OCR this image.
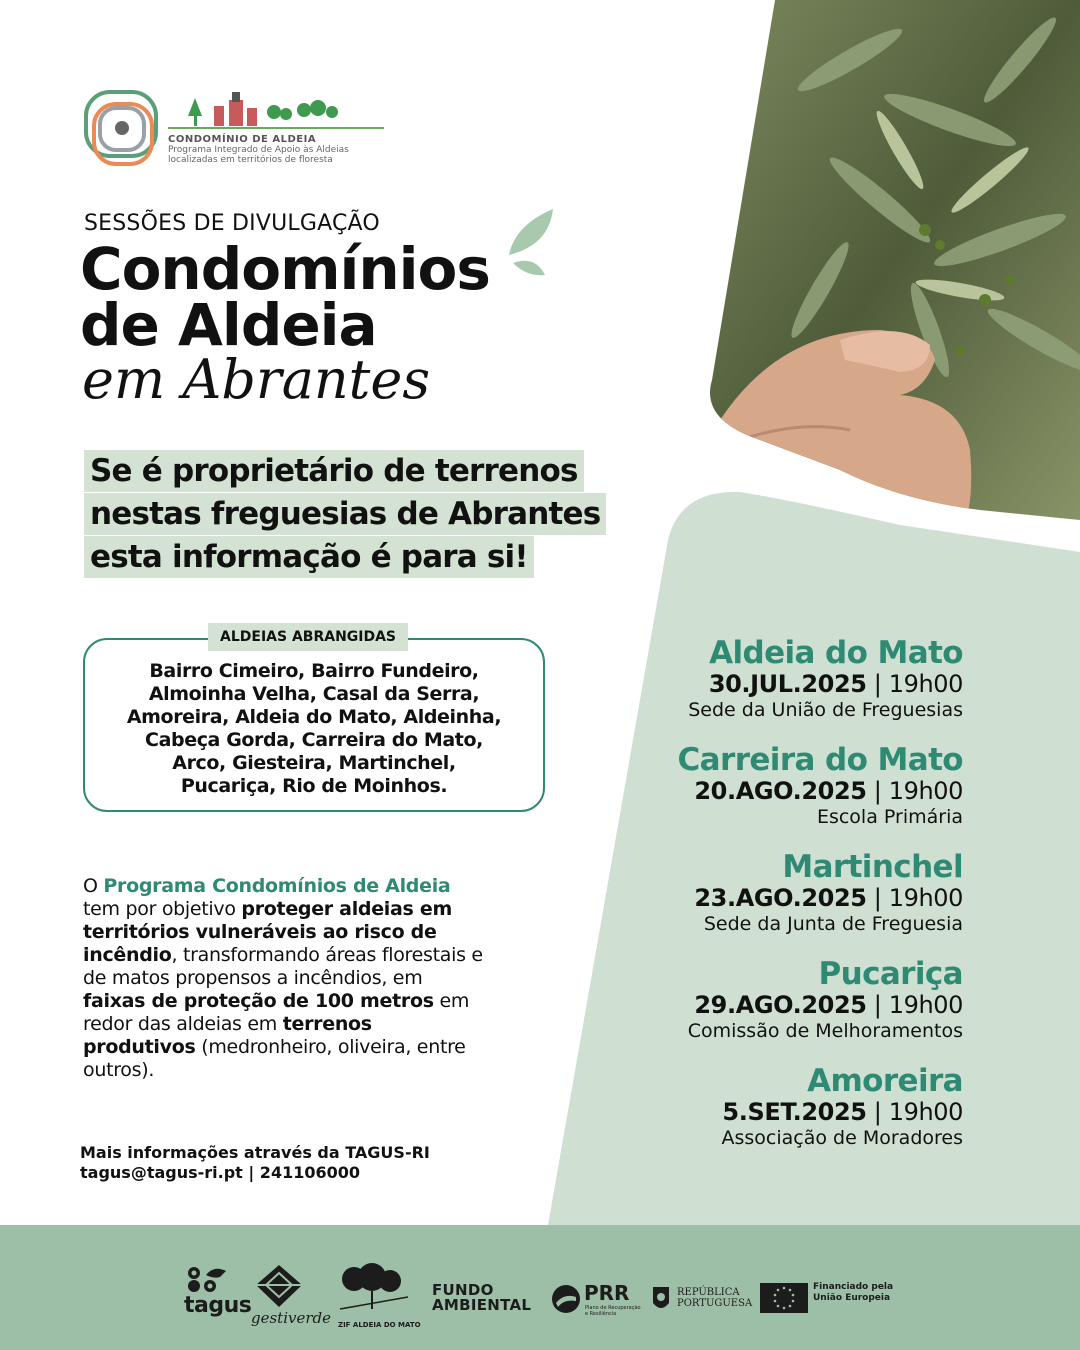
CONDOMÍNIO DE ALDEIA
Programa Integrado de Apoio às Aldeias
localizadas em territórios de floresta
SESSÕES DE DIVULGAÇÃO
Condomínios
de Aldeia
em Abrantes
Se é proprietário de terrenos
nestas freguesias de Abrantes
esta informação é para si!
ALDEIAS ABRANGIDAS
Bairro Cimeiro, Bairro Fundeiro,
Almoinha Velha, Casal da Serra,
Amoreira, Aldeia do Mato, Aldeinha,
Cabeça Gorda, Carreira do Mato,
Arco, Giesteira, Martinchel,
Pucariça, Rio de Moinhos.
O Programa Condomínios de Aldeia tem por objetivo proteger aldeias em territórios vulneráveis ao risco de incêndio, transformando áreas florestais e de matos propensos a incêndios, em faixas de proteção de 100 metros em redor das aldeias em terrenos produtivos (medronheiro, oliveira, entre outros).
Mais informações através da TAGUS-RI
tagus@tagus-ri.pt | 241106000
Aldeia do Mato
30.JUL.2025 | 19h00
Sede da União de Freguesias
Carreira do Mato
20.AGO.2025 | 19h00
Escola Primária
Martinchel
23.AGO.2025 | 19h00
Sede da Junta de Freguesia
Pucariça
29.AGO.2025 | 19h00
Comissão de Melhoramentos
Amoreira
5.SET.2025 | 19h00
Associação de Moradores
tagus gestiverde ZIF ALDEIA DO MATO
FUNDO
AMBIENTAL	PRR
Plano de Recuperação
e Resiliência
REPÚBLICA
PORTUGUESA
Financiado pela
União Europeia
